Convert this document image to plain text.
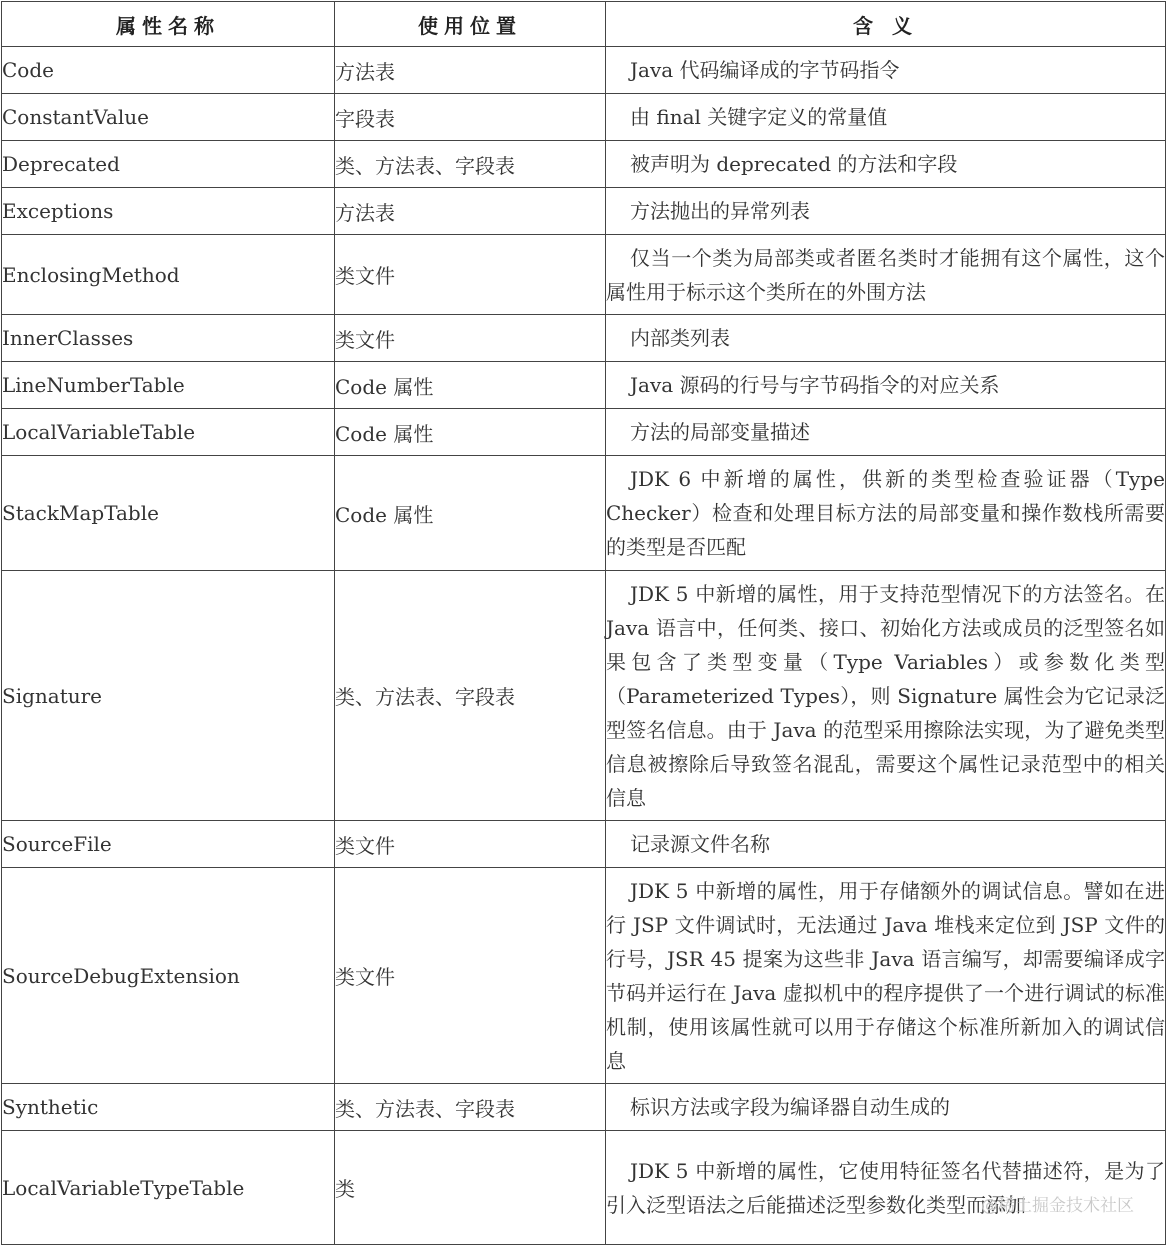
属性名称	使用位置	含 义
Code	方法表	Java 代码编译成的字节码指令

ConstantValue	字段表	由 final 关键字定义的常量值

Deprecated	类、方法表、字段表	被声明为 deprecated 的方法和字段

Exceptions	方法表	方法抛出的异常列表

EnclosingMethod	类文件	仅当一个类为局部类或者匿名类时才能拥有这个属性，这个属性用于标示这个类所在的外围方法

InnerClasses	类文件	内部类列表

LineNumberTable	Code 属性	Java 源码的行号与字节码指令的对应关系

LocalVariableTable	Code 属性	方法的局部变量描述

StackMapTable	Code 属性	JDK 6 中新增的属性，供新的类型检查验证器（Type Checker）检查和处理目标方法的局部变量和操作数栈所需要的类型是否匹配

Signature	类、方法表、字段表	JDK 5 中新增的属性，用于支持范型情况下的方法签名。在 Java 语言中，任何类、接口、初始化方法或成员的泛型签名如果包含了类型变量（Type Variables）或参数化类型（Parameterized Types），则 Signature 属性会为它记录泛型签名信息。由于 Java 的范型采用擦除法实现，为了避免类型信息被擦除后导致签名混乱，需要这个属性记录范型中的相关信息

SourceFile	类文件	记录源文件名称

SourceDebugExtension	类文件	JDK 5 中新增的属性，用于存储额外的调试信息。譬如在进行 JSP 文件调试时，无法通过 Java 堆栈来定位到 JSP 文件的行号，JSR 45 提案为这些非 Java 语言编写，却需要编译成字节码并运行在 Java 虚拟机中的程序提供了一个进行调试的标准机制，使用该属性就可以用于存储这个标准所新加入的调试信息

Synthetic	类、方法表、字段表	标识方法或字段为编译器自动生成的

LocalVariableTypeTable	类	JDK 5 中新增的属性，它使用特征签名代替描述符，是为了引入泛型语法之后能描述泛型参数化类型而添加
@稀土掘金技术社区
